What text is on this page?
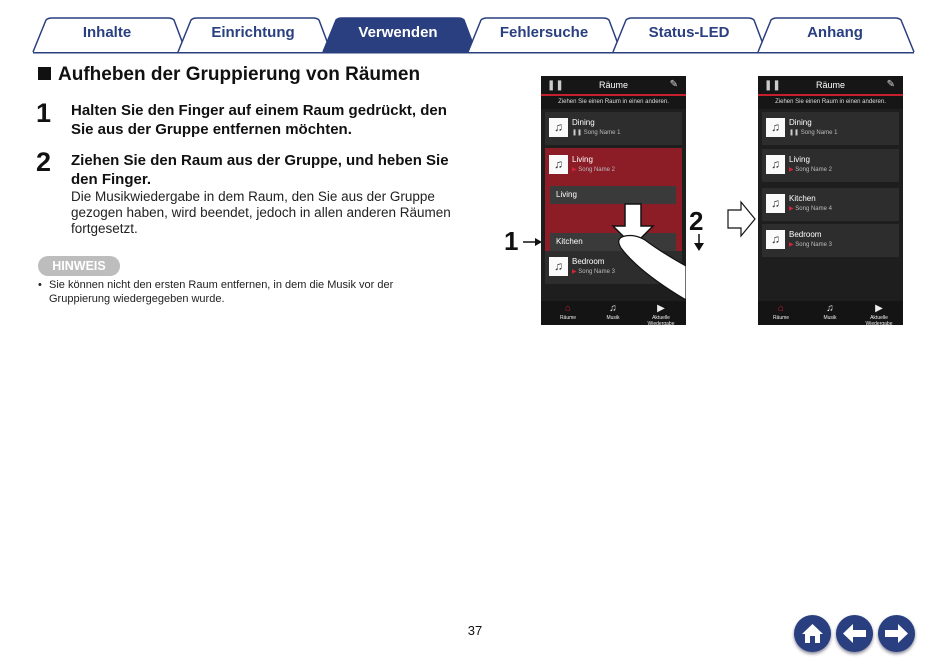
Inhalte	Einrichtung	Verwenden	Fehlersuche	Status-LED	Anhang
Aufheben der Gruppierung von Räumen
1 Halten Sie den Finger auf einem Raum gedrückt, den Sie aus der Gruppe entfernen möchten.
2 Ziehen Sie den Raum aus der Gruppe, und heben Sie den Finger.
Die Musikwiedergabe in dem Raum, den Sie aus der Gruppe gezogen haben, wird beendet, jedoch in allen anderen Räumen fortgesetzt.
HINWEIS
• Sie können nicht den ersten Raum entfernen, in dem die Musik vor der Gruppierung wiedergegeben wurde.
❚❚	Räume	✎
Ziehen Sie einen Raum in einen anderen.
♫	Dining
❚❚ Song Name 1
♫	Living
▶ Song Name 2
Living
Kitchen
♫	Bedroom
▶ Song Name 3
⌂
Räume
♫
Musik
▶
Aktuelle Wiedergabe
1
2
❚❚	Räume	✎
Ziehen Sie einen Raum in einen anderen.
♫	Dining
❚❚ Song Name 1
♫	Living
▶ Song Name 2
♫	Kitchen
▶ Song Name 4
♫	Bedroom
▶ Song Name 3
⌂
Räume
♫
Musik
▶
Aktuelle Wiedergabe
37
